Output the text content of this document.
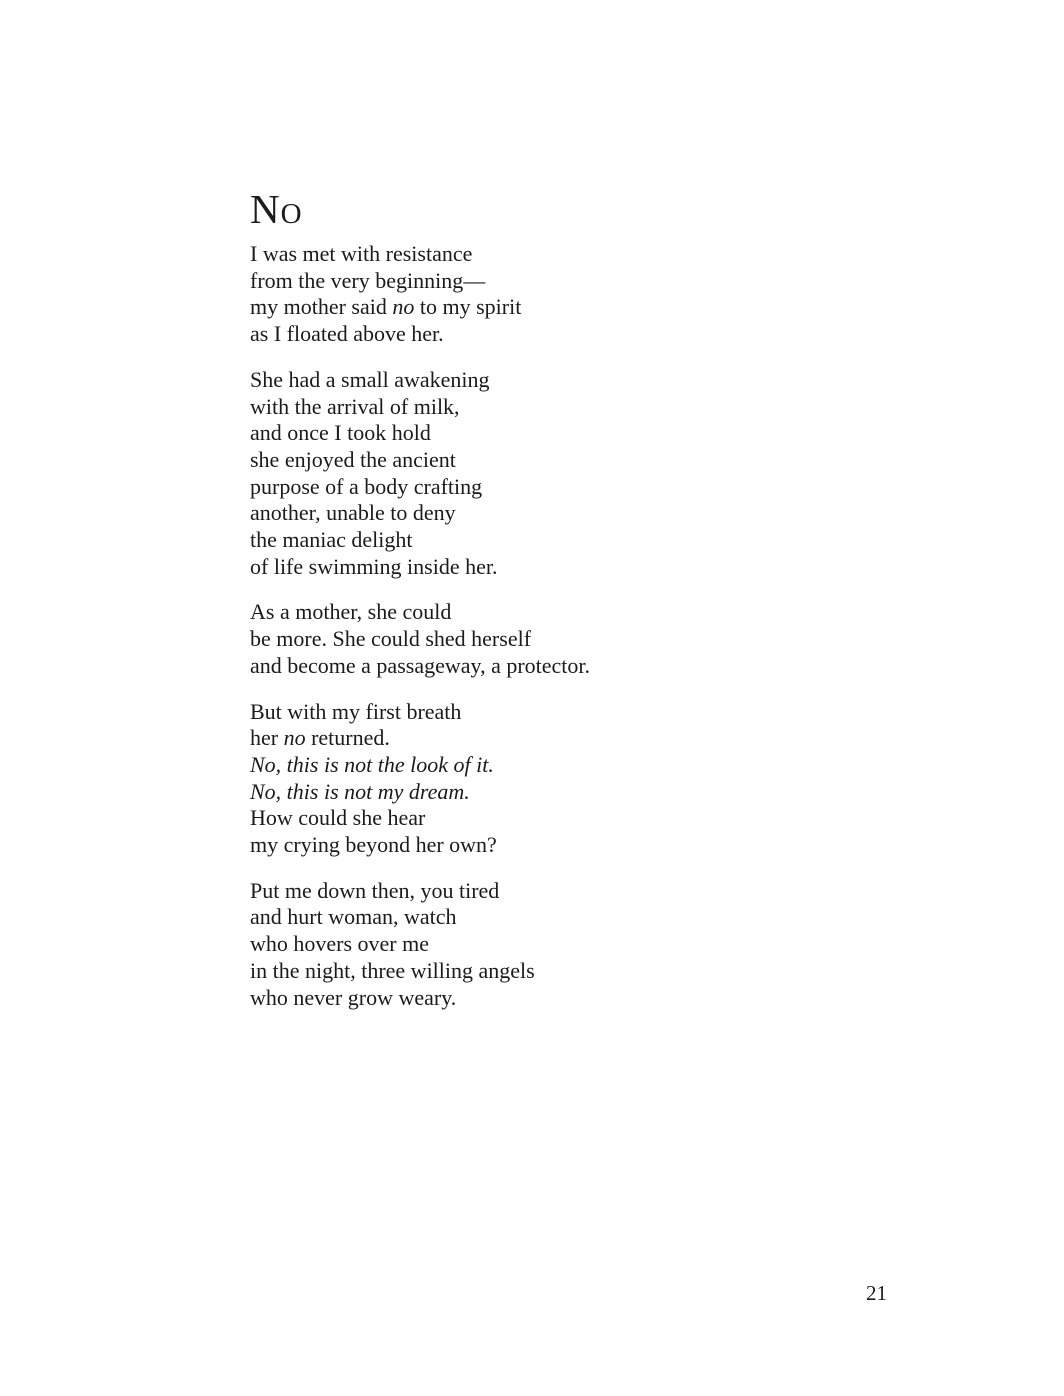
No
I was met with resistance
from the very beginning—
my mother said no to my spirit
as I floated above her.
She had a small awakening
with the arrival of milk,
and once I took hold
she enjoyed the ancient
purpose of a body crafting
another, unable to deny
the maniac delight
of life swimming inside her.
As a mother, she could
be more. She could shed herself
and become a passageway, a protector.
But with my first breath
her no returned.
No, this is not the look of it.
No, this is not my dream.
How could she hear
my crying beyond her own?
Put me down then, you tired
and hurt woman, watch
who hovers over me
in the night, three willing angels
who never grow weary.
21
